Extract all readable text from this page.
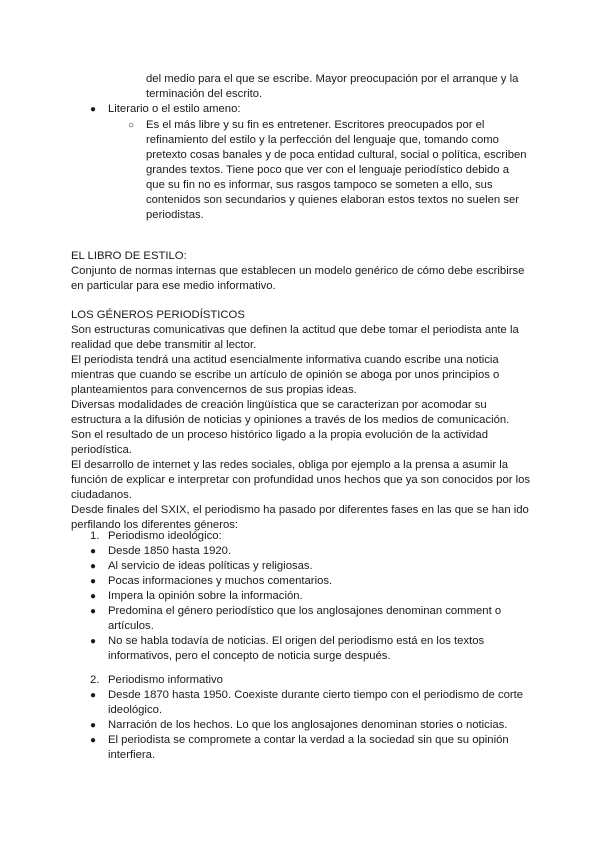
del medio para el que se escribe. Mayor preocupación por el arranque y la terminación del escrito.

●	Literario o el estilo ameno:
○	Es el más libre y su fin es entretener. Escritores preocupados por el refinamiento del estilo y la perfección del lenguaje que, tomando como pretexto cosas banales y de poca entidad cultural, social o política, escriben grandes textos. Tiene poco que ver con el lenguaje periodístico debido a que su fin no es informar, sus rasgos tampoco se someten a ello, sus contenidos son secundarios y quienes elaboran estos textos no suelen ser periodistas.

EL LIBRO DE ESTILO:

Conjunto de normas internas que establecen un modelo genérico de cómo debe escribirse en particular para ese medio informativo.

LOS GÉNEROS PERIODÍSTICOS

Son estructuras comunicativas que definen la actitud que debe tomar el periodista ante la realidad que debe transmitir al lector.

El periodista tendrá una actitud esencialmente informativa cuando escribe una noticia mientras que cuando se escribe un artículo de opinión se aboga por unos principios o planteamientos para convencernos de sus propias ideas.

Diversas modalidades de creación lingüística que se caracterizan por acomodar su estructura a la difusión de noticias y opiniones a través de los medios de comunicación.

Son el resultado de un proceso histórico ligado a la propia evolución de la actividad periodística.

El desarrollo de internet y las redes sociales, obliga por ejemplo a la prensa a asumir la función de explicar e interpretar con profundidad unos hechos que ya son conocidos por los ciudadanos.

Desde finales del SXIX, el periodismo ha pasado por diferentes fases en las que se han ido perfilando los diferentes géneros:

1. Periodismo ideológico:
●	Desde 1850 hasta 1920.

●	Al servicio de ideas políticas y religiosas.

●	Pocas informaciones y muchos comentarios.

●	Impera la opinión sobre la información.

●	Predomina el género periodístico que los anglosajones denominan comment o artículos.

●	No se habla todavía de noticias. El origen del periodismo está en los textos informativos, pero el concepto de noticia surge después.

2. Periodismo informativo
●	Desde 1870 hasta 1950. Coexiste durante cierto tiempo con el periodismo de corte ideológico.

●	Narración de los hechos. Lo que los anglosajones denominan stories o noticias.

●	El periodista se compromete a contar la verdad a la sociedad sin que su opinión interfiera.
